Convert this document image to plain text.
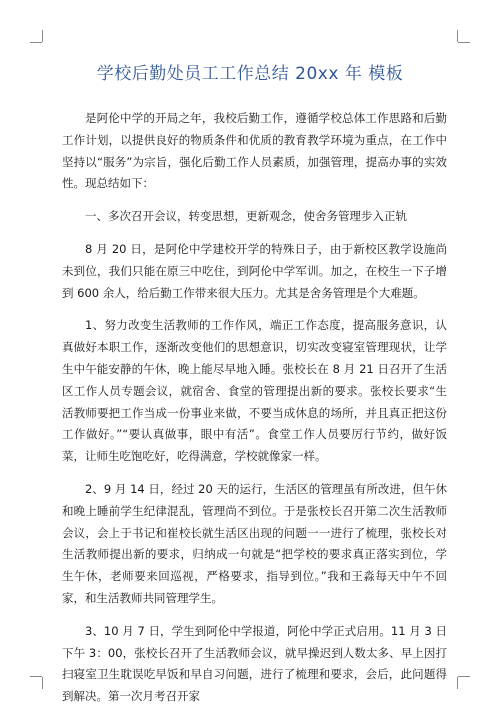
学校后勤处员工工作总结 20xx 年 模板

是阿伦中学的开局之年，我校后勤工作，遵循学校总体工作思路和后勤工作计划，以提供良好的物质条件和优质的教育教学环境为重点，在工作中坚持以“服务”为宗旨，强化后勤工作人员素质，加强管理，提高办事的实效性。现总结如下：

一、多次召开会议，转变思想，更新观念，使舍务管理步入正轨

8 月 20 日，是阿伦中学建校开学的特殊日子，由于新校区教学设施尚未到位，我们只能在原三中吃住，到阿伦中学军训。加之，在校生一下子增到 600 余人，给后勤工作带来很大压力。尤其是舍务管理是个大难题。

1、努力改变生活教师的工作作风，端正工作态度，提高服务意识，认真做好本职工作，逐渐改变他们的思想意识，切实改变寝室管理现状，让学生中午能安静的午休，晚上能尽早地入睡。张校长在 8 月 21 日召开了生活区工作人员专题会议，就宿舍、食堂的管理提出新的要求。张校长要求“生活教师要把工作当成一份事业来做，不要当成休息的场所，并且真正把这份工作做好。”“要认真做事，眼中有活”。食堂工作人员要厉行节约，做好饭菜，让师生吃饱吃好，吃得满意，学校就像家一样。

2、9 月 14 日，经过 20 天的运行，生活区的管理虽有所改进，但午休和晚上睡前学生纪律混乱，管理尚不到位。于是张校长召开第二次生活教师会议，会上于书记和崔校长就生活区出现的问题一一进行了梳理，张校长对生活教师提出新的要求，归纳成一句就是“把学校的要求真正落实到位，学生午休，老师要来回巡视，严格要求，指导到位。”我和王淼每天中午不回家，和生活教师共同管理学生。

3、10 月 7 日，学生到阿伦中学报道，阿伦中学正式启用。11 月 3 日下午 3：00，张校长召开了生活教师会议，就早操迟到人数太多、早上因打扫寝室卫生耽误吃早饭和早自习问题，进行了梳理和要求，会后，此问题得到解决。第一次月考召开家
